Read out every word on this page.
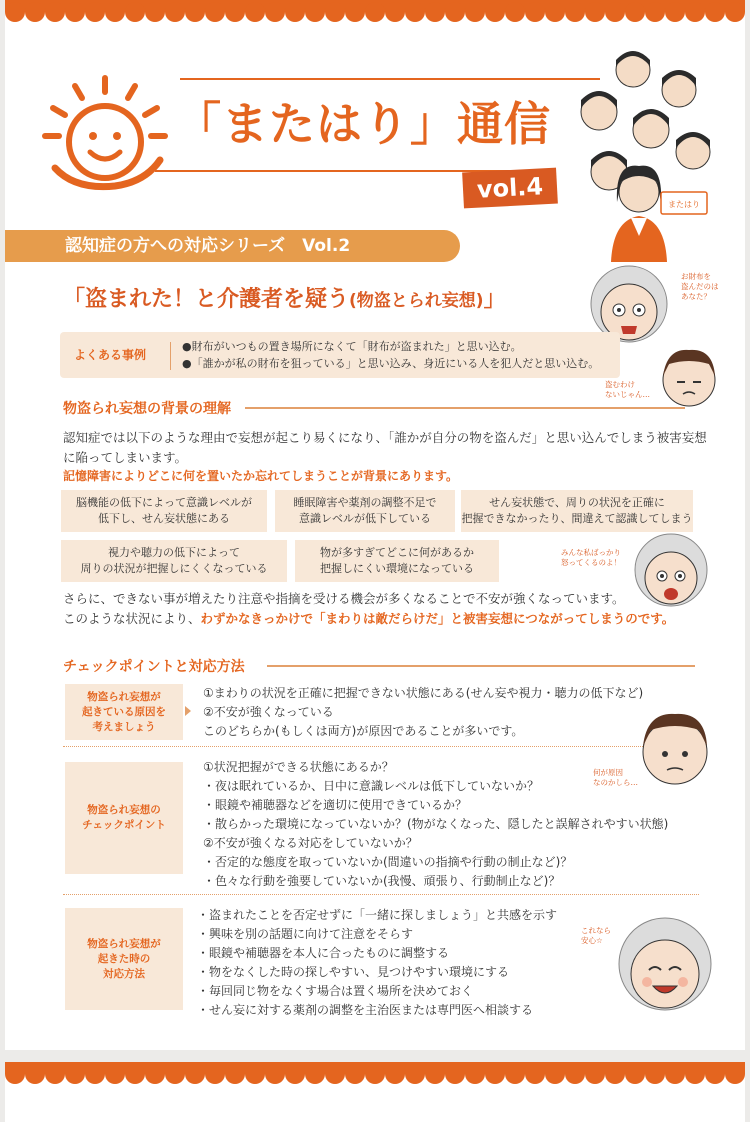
「またはり」通信
vol.4
またはり
認知症の方への対応シリーズ　Vol.2
「盗まれた！と介護者を疑う(物盗とられ妄想)」
お財布を
盗んだのは
あなた？
よくある事例
●財布がいつもの置き場所になくて「財布が盗まれた」と思い込む。
●「誰かが私の財布を狙っている」と思い込み、身近にいる人を犯人だと思い込む。
盗むわけ
ないじゃん…
物盗られ妄想の背景の理解
認知症では以下のような理由で妄想が起こり易くになり、「誰かが自分の物を盗んだ」と思い込んでしまう被害妄想
に陥ってしまいます。
記憶障害によりどこに何を置いたか忘れてしまうことが背景にあります。
脳機能の低下によって意識レベルが
低下し、せん妄状態にある
睡眠障害や薬剤の調整不足で
意識レベルが低下している
せん妄状態で、周りの状況を正確に
把握できなかったり、間違えて認識してしまう
視力や聴力の低下によって
周りの状況が把握しにくくなっている
物が多すぎてどこに何があるか
把握しにくい環境になっている
みんな私ばっかり
怒ってくるのよ！
さらに、できない事が増えたり注意や指摘を受ける機会が多くなることで不安が強くなっています。
このような状況により、わずかなきっかけで「まわりは敵だらけだ」と被害妄想につながってしまうのです。
チェックポイントと対応方法
物盗られ妄想が
起きている原因を
考えましょう
①まわりの状況を正確に把握できない状態にある(せん妄や視力・聴力の低下など)
②不安が強くなっている
このどちらか(もしくは両方)が原因であることが多いです。
何が原因
なのかしら…
物盗られ妄想の
チェックポイント
①状況把握ができる状態にあるか？
・夜は眠れているか、日中に意識レベルは低下していないか？
・眼鏡や補聴器などを適切に使用できているか？
・散らかった環境になっていないか？(物がなくなった、隠したと誤解されやすい状態)
②不安が強くなる対応をしていないか？
・否定的な態度を取っていないか(間違いの指摘や行動の制止など)？
・色々な行動を強要していないか(我慢、頑張り、行動制止など)？
物盗られ妄想が
起きた時の
対応方法
・盗まれたことを否定せずに「一緒に探しましょう」と共感を示す
・興味を別の話題に向けて注意をそらす
・眼鏡や補聴器を本人に合ったものに調整する
・物をなくした時の探しやすい、見つけやすい環境にする
・毎回同じ物をなくす場合は置く場所を決めておく
・せん妄に対する薬剤の調整を主治医または専門医へ相談する
これなら
安心☆
